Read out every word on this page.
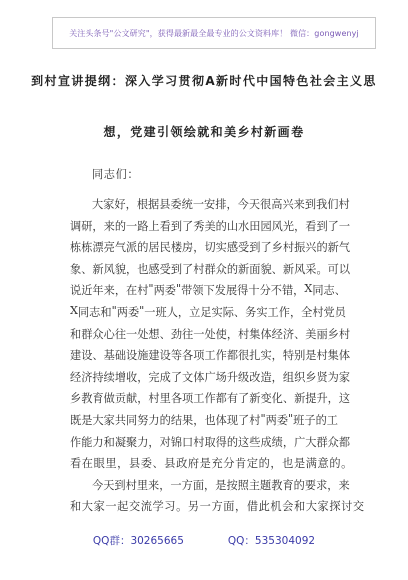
关注头条号"公文研究"，获得最新最全最专业的公文资料库！ 微信：gongwenyj
到村宣讲提纲：深入学习贯彻A新时代中国特色社会主义思
想，党建引领绘就和美乡村新画卷
同志们：
大 家 好 ， 根 据 县 委 统 一 安 排 ， 今 天 很 高 兴 来 到 我 们 村
调 研 ， 来 的 一 路 上 看 到 了 秀 美 的 山 水 田 园 风 光 ， 看 到 了 一
栋 栋 漂 亮 气 派 的 居 民 楼 房 ， 切 实 感 受 到 了 乡 村 振 兴 的 新 气
象 、 新 风 貌 ， 也 感 受 到 了 村 群 众 的 新 面 貌 、 新 风 采 。 可 以
说 近 年 来 ， 在 村 " 两 委 " 带 领 下 发 展 得 十 分 不 错 ， X 同 志 、
X 同 志 和 " 两 委 " 一 班 人 ， 立 足 实 际 、 务 实 工 作 ， 全 村 党 员
和 群 众 心 往 一 处 想 、 劲 往 一 处 使 ， 村 集 体 经 济 、 美 丽 乡 村
建 设 、 基 础 设 施 建 设 等 各 项 工 作 都 很 扎 实 ， 特 别 是 村 集 体
经 济 持 续 增 收 ， 完 成 了 文 体 广 场 升 级 改 造 ， 组 织 乡 贤 为 家
乡 教 育 做 贡 献 ， 村 里 各 项 工 作 都 有 了 新 变 化 、 新 提 升 ， 这
既 是 大 家 共 同 努 力 的 结 果 ， 也 体 现 了 村 " 两 委 " 班 子 的 工
作 能 力 和 凝 聚 力 ， 对 锦 口 村 取 得 的 这 些 成 绩 ， 广 大 群 众 都
看在眼里，县委、县政府是充分肯定的，也是满意的。
今 天 到 村 里 来 ， 一 方 面 ， 是 按 照 主 题 教 育 的 要 求 ， 来
和大家一起交流学习。另一方面，借此机会和大家探讨交
QQ群：30265665	QQ：535304092
